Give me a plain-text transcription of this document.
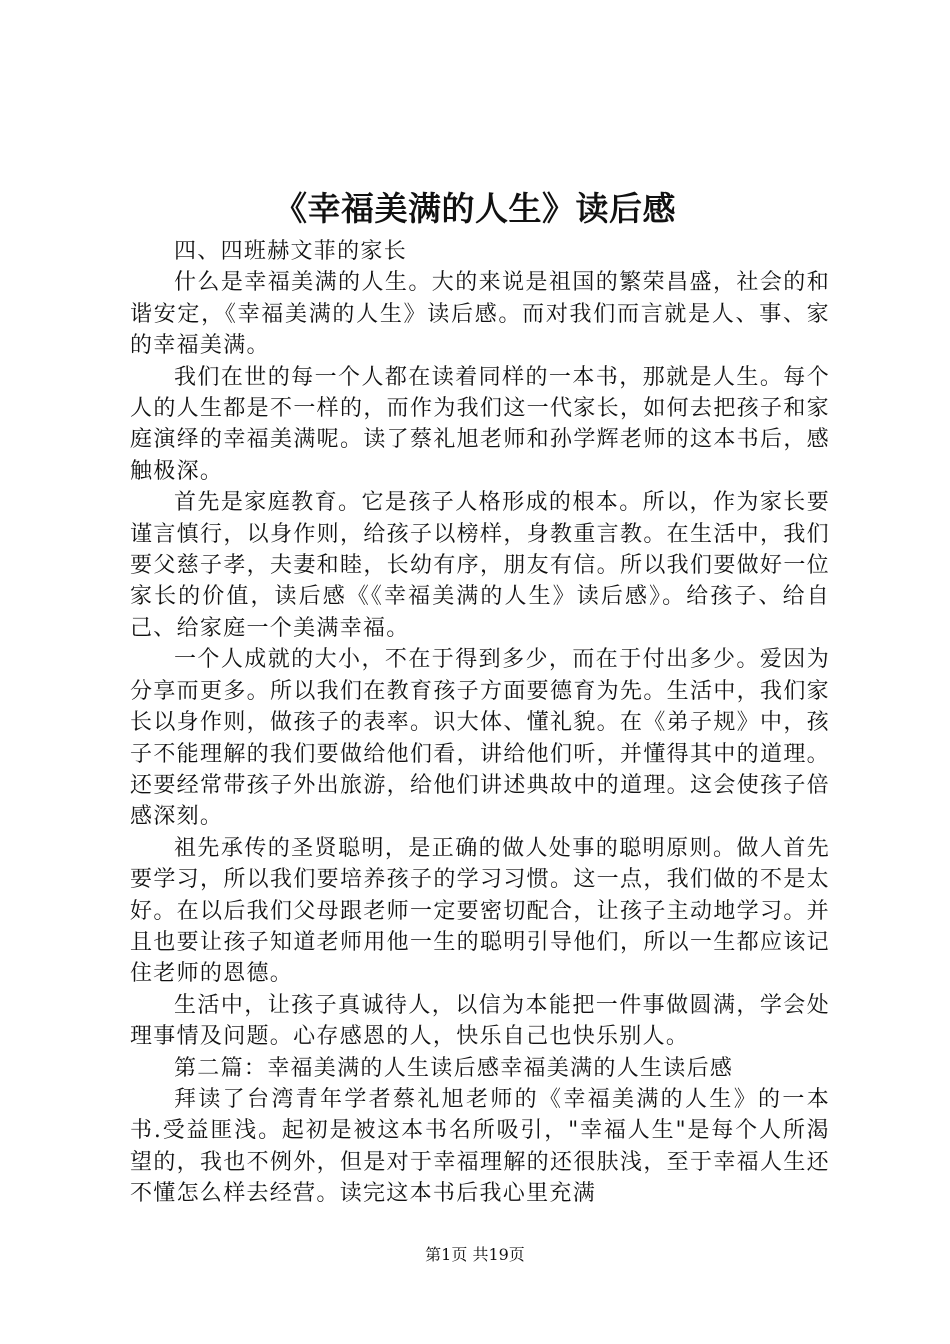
《幸福美满的人生》读后感

四、四班赫文菲的家长

什么是幸福美满的人生。大的来说是祖国的繁荣昌盛，社会的和谐安定，《幸福美满的人生》读后感。而对我们而言就是人、事、家的幸福美满。

我们在世的每一个人都在读着同样的一本书，那就是人生。每个人的人生都是不一样的，而作为我们这一代家长，如何去把孩子和家庭演绎的幸福美满呢。读了蔡礼旭老师和孙学辉老师的这本书后，感触极深。

首先是家庭教育。它是孩子人格形成的根本。所以，作为家长要谨言慎行，以身作则，给孩子以榜样，身教重言教。在生活中，我们要父慈子孝，夫妻和睦，长幼有序，朋友有信。所以我们要做好一位家长的价值，读后感《《幸福美满的人生》读后感》。给孩子、给自己、给家庭一个美满幸福。

一个人成就的大小，不在于得到多少，而在于付出多少。爱因为分享而更多。所以我们在教育孩子方面要德育为先。生活中，我们家长以身作则，做孩子的表率。识大体、懂礼貌。在《弟子规》中，孩子不能理解的我们要做给他们看，讲给他们听，并懂得其中的道理。还要经常带孩子外出旅游，给他们讲述典故中的道理。这会使孩子倍感深刻。

祖先承传的圣贤聪明，是正确的做人处事的聪明原则。做人首先要学习，所以我们要培养孩子的学习习惯。这一点，我们做的不是太好。在以后我们父母跟老师一定要密切配合，让孩子主动地学习。并且也要让孩子知道老师用他一生的聪明引导他们，所以一生都应该记住老师的恩德。

生活中，让孩子真诚待人，以信为本能把一件事做圆满，学会处理事情及问题。心存感恩的人，快乐自己也快乐别人。

第二篇：幸福美满的人生读后感幸福美满的人生读后感

拜读了台湾青年学者蔡礼旭老师的《幸福美满的人生》的一本书.受益匪浅。起初是被这本书名所吸引，"幸福人生"是每个人所渴望的，我也不例外，但是对于幸福理解的还很肤浅，至于幸福人生还不懂怎么样去经营。读完这本书后我心里充满

第1页 共19页
